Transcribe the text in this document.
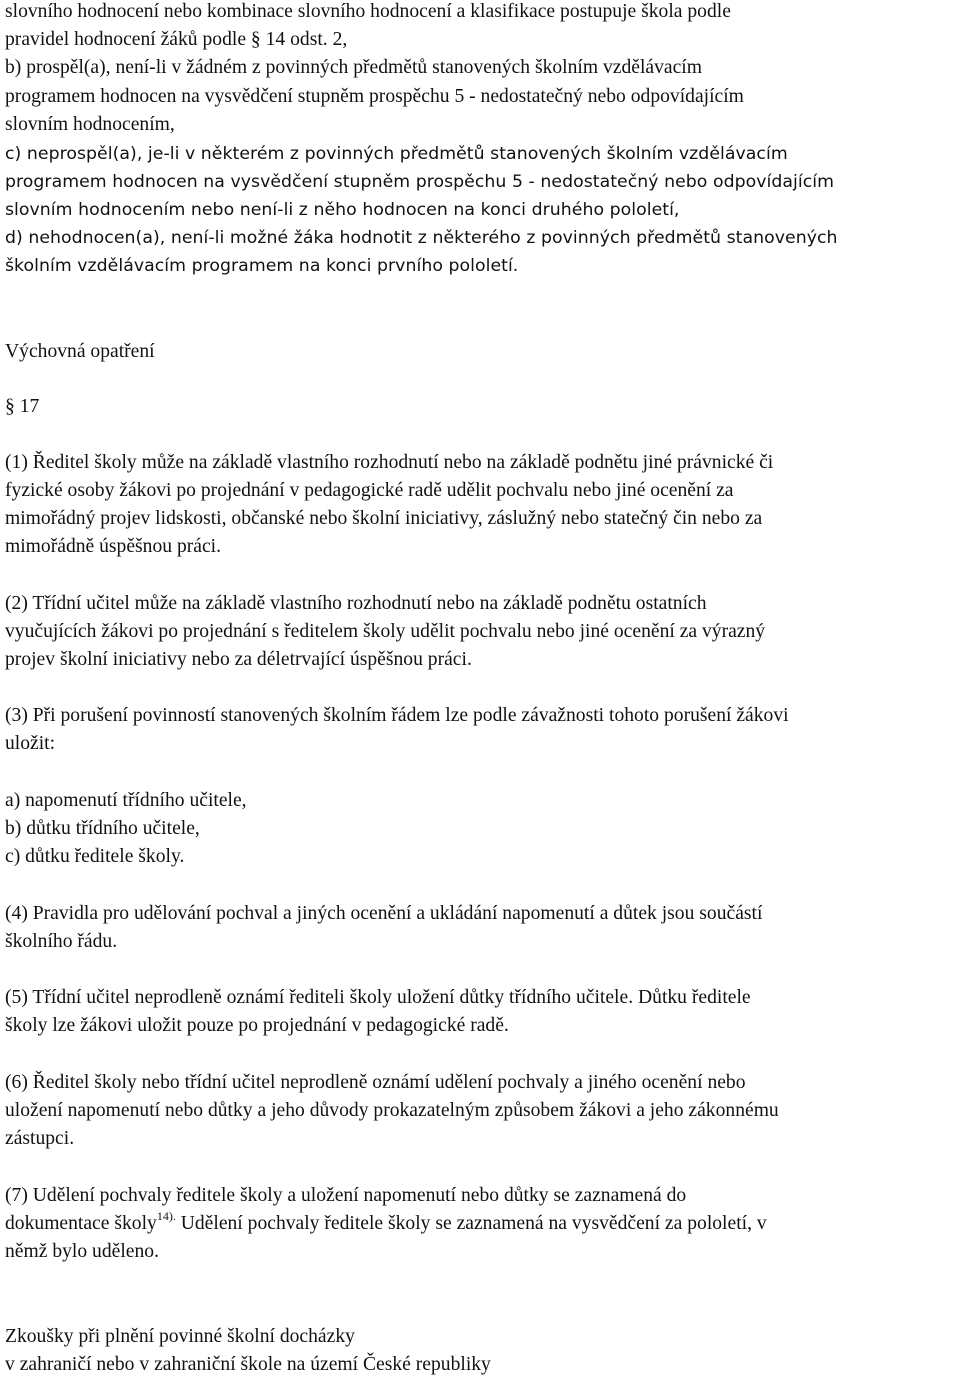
slovního hodnocení nebo kombinace slovního hodnocení a klasifikace postupuje škola podle
pravidel hodnocení žáků podle § 14 odst. 2,
b) prospěl(a), není-li v žádném z povinných předmětů stanovených školním vzdělávacím
programem hodnocen na vysvědčení stupněm prospěchu 5 - nedostatečný nebo odpovídajícím
slovním hodnocením,
c) neprospěl(a), je-li v některém z povinných předmětů stanovených školním vzdělávacím
programem hodnocen na vysvědčení stupněm prospěchu 5 - nedostatečný nebo odpovídajícím
slovním hodnocením nebo není-li z něho hodnocen na konci druhého pololetí,
d) nehodnocen(a), není-li možné žáka hodnotit z některého z povinných předmětů stanovených
školním vzdělávacím programem na konci prvního pololetí.
Výchovná opatření
§ 17
(1) Ředitel školy může na základě vlastního rozhodnutí nebo na základě podnětu jiné právnické či
fyzické osoby žákovi po projednání v pedagogické radě udělit pochvalu nebo jiné ocenění za
mimořádný projev lidskosti, občanské nebo školní iniciativy, záslužný nebo statečný čin nebo za
mimořádně úspěšnou práci.
(2) Třídní učitel může na základě vlastního rozhodnutí nebo na základě podnětu ostatních
vyučujících žákovi po projednání s ředitelem školy udělit pochvalu nebo jiné ocenění za výrazný
projev školní iniciativy nebo za déletrvající úspěšnou práci.
(3) Při porušení povinností stanovených školním řádem lze podle závažnosti tohoto porušení žákovi
uložit:
a) napomenutí třídního učitele,
b) důtku třídního učitele,
c) důtku ředitele školy.
(4) Pravidla pro udělování pochval a jiných ocenění a ukládání napomenutí a důtek jsou součástí
školního řádu.
(5) Třídní učitel neprodleně oznámí řediteli školy uložení důtky třídního učitele. Důtku ředitele
školy lze žákovi uložit pouze po projednání v pedagogické radě.
(6) Ředitel školy nebo třídní učitel neprodleně oznámí udělení pochvaly a jiného ocenění nebo
uložení napomenutí nebo důtky a jeho důvody prokazatelným způsobem žákovi a jeho zákonnému
zástupci.
(7) Udělení pochvaly ředitele školy a uložení napomenutí nebo důtky se zaznamená do
dokumentace školy$^{14).}$ Udělení pochvaly ředitele školy se zaznamená na vysvědčení za pololetí, v
němž bylo uděleno.
Zkoušky při plnění povinné školní docházky
v zahraničí nebo v zahraniční škole na území České republiky
